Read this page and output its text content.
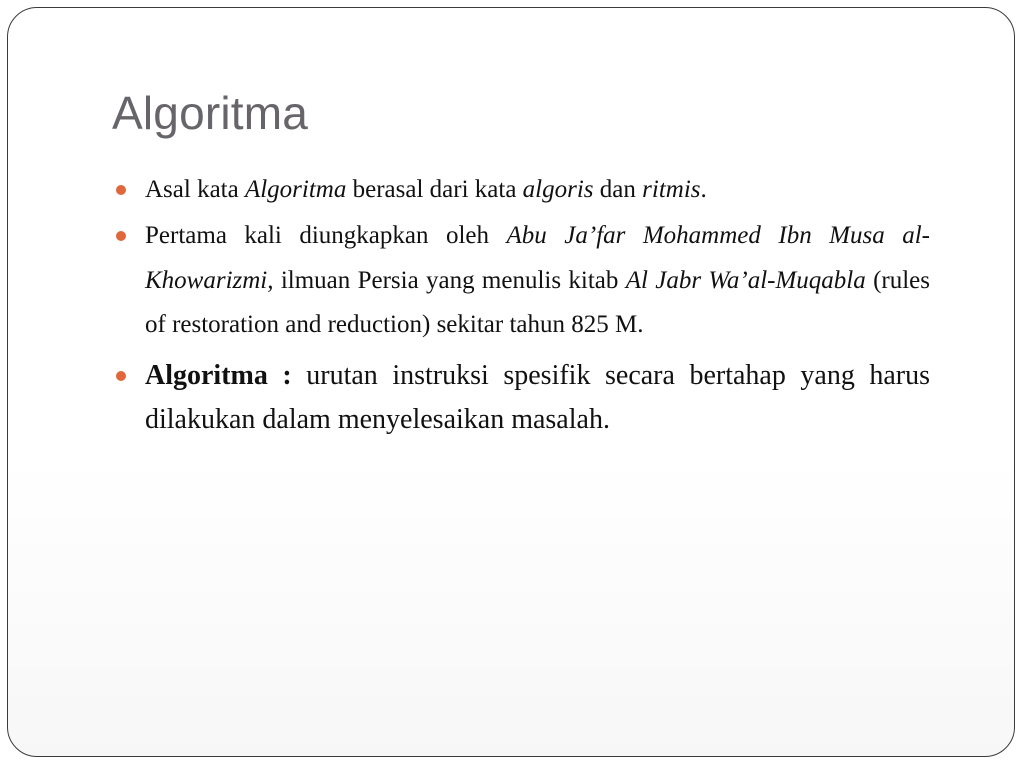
Algoritma
Asal kata Algoritma berasal dari kata algoris dan ritmis.
Pertama kali diungkapkan oleh Abu Ja’far Mohammed Ibn Musa al-Khowarizmi, ilmuan Persia yang menulis kitab Al Jabr Wa’al-Muqabla (rules of restoration and reduction) sekitar tahun 825 M.
Algoritma : urutan instruksi spesifik secara bertahap yang harus dilakukan dalam menyelesaikan masalah.
